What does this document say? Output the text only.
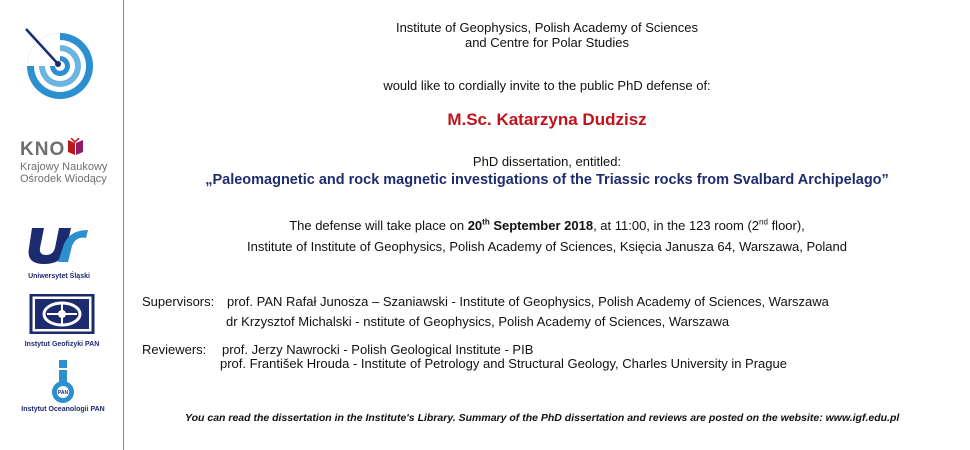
KNO
Krajowy Naukowy
Ośrodek Wiodący
Uniwersytet Śląski
Instytut Geofizyki PAN
PAN
Instytut Oceanologii PAN
Institute of Geophysics, Polish Academy of Sciences
and Centre for Polar Studies
would like to cordially invite to the public PhD defense of:
M.Sc. Katarzyna Dudzisz
PhD dissertation, entitled:
„Paleomagnetic and rock magnetic investigations of the Triassic rocks from Svalbard Archipelago”
The defense will take place on 20th September 2018, at 11:00, in the 123 room (2nd floor),
Institute of Institute of Geophysics, Polish Academy of Sciences, Księcia Janusza 64, Warszawa, Poland
Supervisors: prof. PAN Rafał Junosza – Szaniawski - Institute of Geophysics, Polish Academy of Sciences, Warszawa
dr Krzysztof Michalski - nstitute of Geophysics, Polish Academy of Sciences, Warszawa
Reviewers: prof. Jerzy Nawrocki - Polish Geological Institute - PIB
prof. František Hrouda - Institute of Petrology and Structural Geology, Charles University in Prague
You can read the dissertation in the Institute's Library. Summary of the PhD dissertation and reviews are posted on the website: www.igf.edu.pl
